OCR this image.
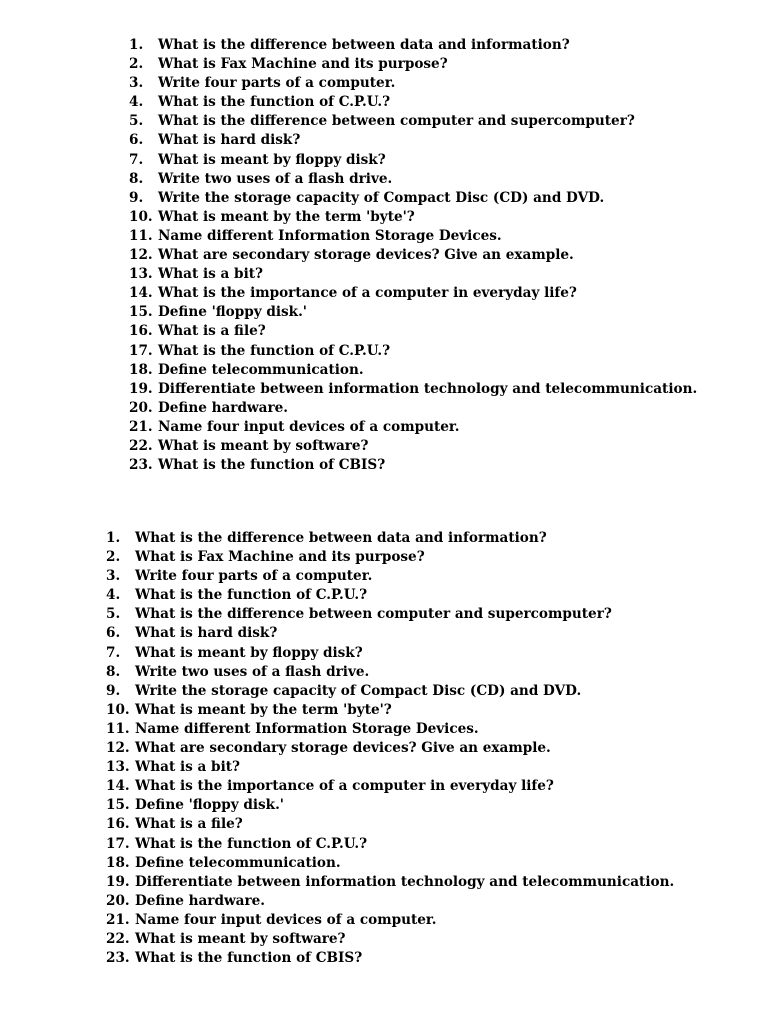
1.	What is the difference between data and information?
2.	What is Fax Machine and its purpose?
3.	Write four parts of a computer.
4.	What is the function of C.P.U.?
5.	What is the difference between computer and supercomputer?
6.	What is hard disk?
7.	What is meant by floppy disk?
8.	Write two uses of a flash drive.
9.	Write the storage capacity of Compact Disc (CD) and DVD.
10. What is meant by the term 'byte'?
11. Name different Information Storage Devices.
12. What are secondary storage devices? Give an example.
13. What is a bit?
14. What is the importance of a computer in everyday life?
15. Define 'floppy disk.'
16. What is a file?
17. What is the function of C.P.U.?
18. Define telecommunication.
19. Differentiate between information technology and telecommunication.
20. Define hardware.
21. Name four input devices of a computer.
22. What is meant by software?
23. What is the function of CBIS?
1.	What is the difference between data and information?
2.	What is Fax Machine and its purpose?
3.	Write four parts of a computer.
4.	What is the function of C.P.U.?
5.	What is the difference between computer and supercomputer?
6.	What is hard disk?
7.	What is meant by floppy disk?
8.	Write two uses of a flash drive.
9.	Write the storage capacity of Compact Disc (CD) and DVD.
10. What is meant by the term 'byte'?
11. Name different Information Storage Devices.
12. What are secondary storage devices? Give an example.
13. What is a bit?
14. What is the importance of a computer in everyday life?
15. Define 'floppy disk.'
16. What is a file?
17. What is the function of C.P.U.?
18. Define telecommunication.
19. Differentiate between information technology and telecommunication.
20. Define hardware.
21. Name four input devices of a computer.
22. What is meant by software?
23. What is the function of CBIS?
